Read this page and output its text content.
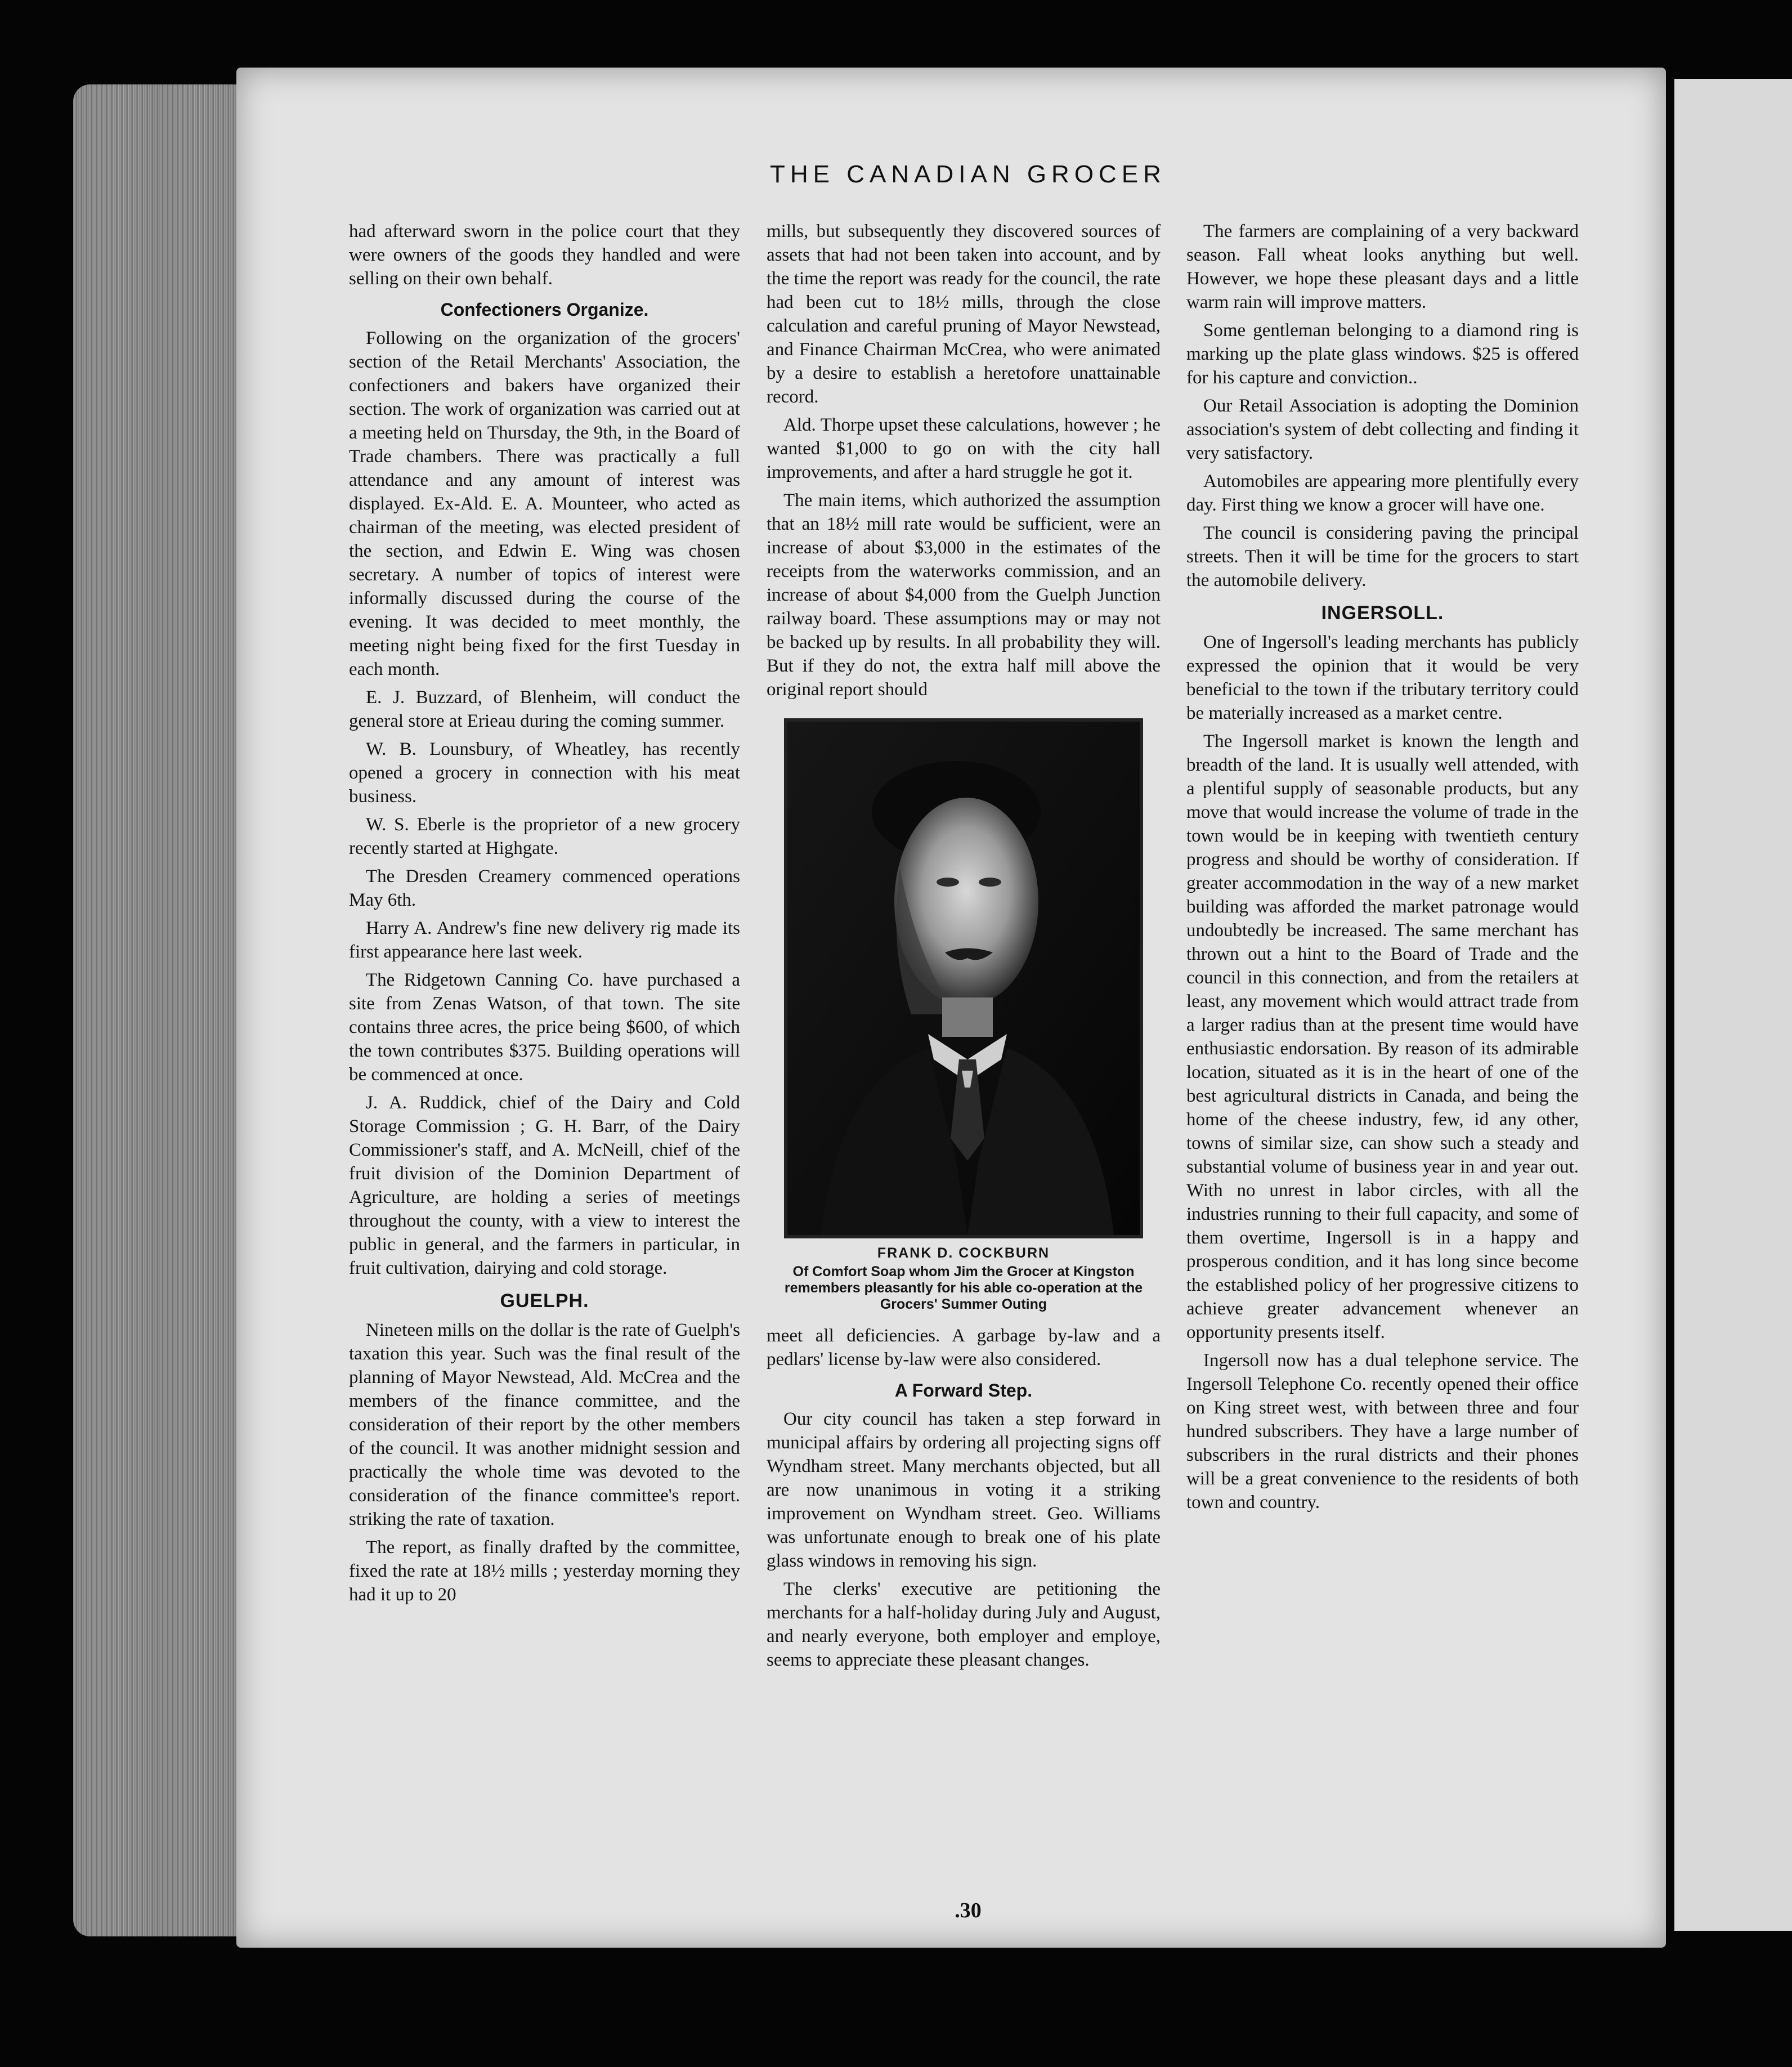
THE CANADIAN GROCER

had afterward sworn in the police court that they were owners of the goods they handled and were selling on their own behalf.

Confectioners Organize.

Following on the organization of the grocers' section of the Retail Merchants' Association, the confectioners and bakers have organized their section. The work of organization was carried out at a meeting held on Thursday, the 9th, in the Board of Trade chambers. There was practically a full attendance and any amount of interest was displayed. Ex-Ald. E. A. Mounteer, who acted as chairman of the meeting, was elected president of the section, and Edwin E. Wing was chosen secretary. A number of topics of interest were informally discussed during the course of the evening. It was decided to meet monthly, the meeting night being fixed for the first Tuesday in each month.

E. J. Buzzard, of Blenheim, will conduct the general store at Erieau during the coming summer.

W. B. Lounsbury, of Wheatley, has recently opened a grocery in connection with his meat business.

W. S. Eberle is the proprietor of a new grocery recently started at Highgate.

The Dresden Creamery commenced operations May 6th.

Harry A. Andrew's fine new delivery rig made its first appearance here last week.

The Ridgetown Canning Co. have purchased a site from Zenas Watson, of that town. The site contains three acres, the price being $600, of which the town contributes $375. Building operations will be commenced at once.

J. A. Ruddick, chief of the Dairy and Cold Storage Commission ; G. H. Barr, of the Dairy Commissioner's staff, and A. McNeill, chief of the fruit division of the Dominion Department of Agriculture, are holding a series of meetings throughout the county, with a view to interest the public in general, and the farmers in particular, in fruit cultivation, dairying and cold storage.

GUELPH.

Nineteen mills on the dollar is the rate of Guelph's taxation this year. Such was the final result of the planning of Mayor Newstead, Ald. McCrea and the members of the finance committee, and the consideration of their report by the other members of the council. It was another midnight session and practically the whole time was devoted to the consideration of the finance committee's report. striking the rate of taxation.

The report, as finally drafted by the committee, fixed the rate at 18½ mills ; yesterday morning they had it up to 20

mills, but subsequently they discovered sources of assets that had not been taken into account, and by the time the report was ready for the council, the rate had been cut to 18½ mills, through the close calculation and careful pruning of Mayor Newstead, and Finance Chairman McCrea, who were animated by a desire to establish a heretofore unattainable record.

Ald. Thorpe upset these calculations, however ; he wanted $1,000 to go on with the city hall improvements, and after a hard struggle he got it.

The main items, which authorized the assumption that an 18½ mill rate would be sufficient, were an increase of about $3,000 in the estimates of the receipts from the waterworks commission, and an increase of about $4,000 from the Guelph Junction railway board. These assumptions may or may not be backed up by results. In all probability they will. But if they do not, the extra half mill above the original report should

FRANK D. COCKBURN
Of Comfort Soap whom Jim the Grocer at Kingston remembers pleasantly for his able co-operation at the Grocers' Summer Outing

meet all deficiencies. A garbage by-law and a pedlars' license by-law were also considered.

A Forward Step.

Our city council has taken a step forward in municipal affairs by ordering all projecting signs off Wyndham street. Many merchants objected, but all are now unanimous in voting it a striking improvement on Wyndham street. Geo. Williams was unfortunate enough to break one of his plate glass windows in removing his sign.

The clerks' executive are petitioning the merchants for a half-holiday during July and August, and nearly everyone, both employer and employe, seems to appreciate these pleasant changes.

The farmers are complaining of a very backward season. Fall wheat looks anything but well. However, we hope these pleasant days and a little warm rain will improve matters.

Some gentleman belonging to a diamond ring is marking up the plate glass windows. $25 is offered for his capture and conviction..

Our Retail Association is adopting the Dominion association's system of debt collecting and finding it very satisfactory.

Automobiles are appearing more plentifully every day. First thing we know a grocer will have one.

The council is considering paving the principal streets. Then it will be time for the grocers to start the automobile delivery.

INGERSOLL.

One of Ingersoll's leading merchants has publicly expressed the opinion that it would be very beneficial to the town if the tributary territory could be materially increased as a market centre.

The Ingersoll market is known the length and breadth of the land. It is usually well attended, with a plentiful supply of seasonable products, but any move that would increase the volume of trade in the town would be in keeping with twentieth century progress and should be worthy of consideration. If greater accommodation in the way of a new market building was afforded the market patronage would undoubtedly be increased. The same merchant has thrown out a hint to the Board of Trade and the council in this connection, and from the retailers at least, any movement which would attract trade from a larger radius than at the present time would have enthusiastic endorsation. By reason of its admirable location, situated as it is in the heart of one of the best agricultural districts in Canada, and being the home of the cheese industry, few, id any other, towns of similar size, can show such a steady and substantial volume of business year in and year out. With no unrest in labor circles, with all the industries running to their full capacity, and some of them overtime, Ingersoll is in a happy and prosperous condition, and it has long since become the established policy of her progressive citizens to achieve greater advancement whenever an opportunity presents itself.

Ingersoll now has a dual telephone service. The Ingersoll Telephone Co. recently opened their office on King street west, with between three and four hundred subscribers. They have a large number of subscribers in the rural districts and their phones will be a great convenience to the residents of both town and country.

.30
